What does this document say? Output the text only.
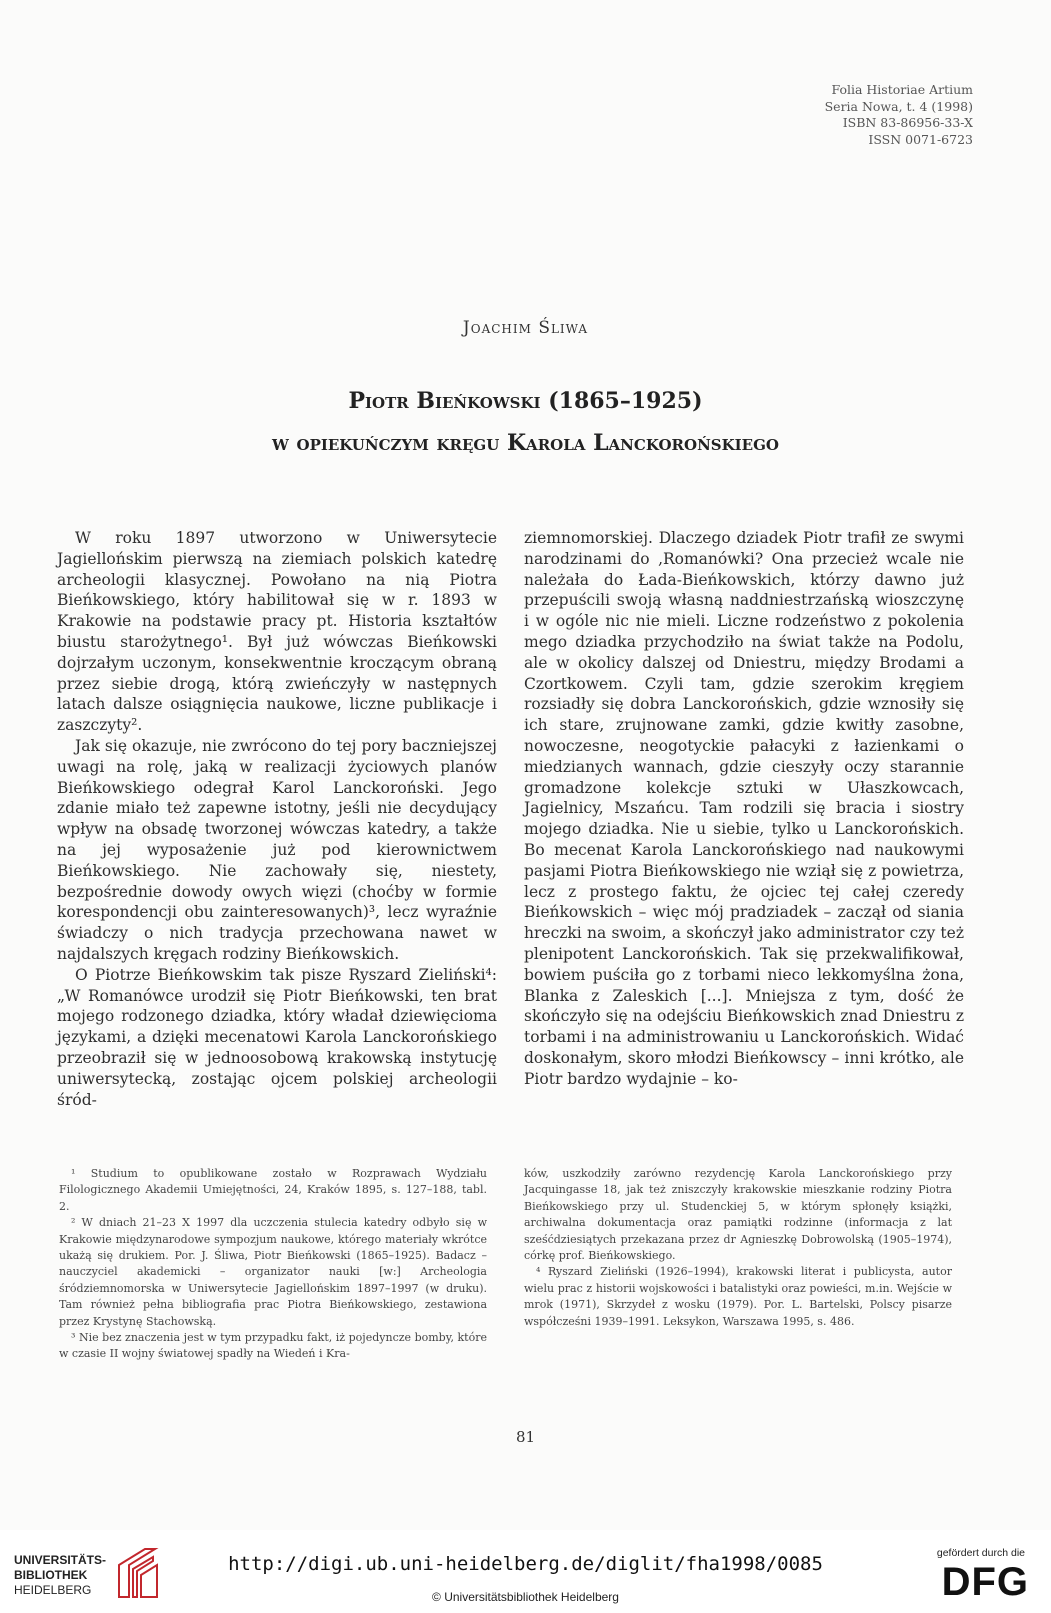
Folia Historiae Artium
Seria Nowa, t. 4 (1998)
ISBN 83-86956-33-X
ISSN 0071-6723
Joachim Śliwa
Piotr Bieńkowski (1865–1925)
w opiekuńczym kręgu Karola Lanckorońskiego

W roku 1897 utworzono w Uniwersytecie Jagiellońskim pierwszą na ziemiach polskich katedrę archeologii klasycznej. Powołano na nią Piotra Bieńkowskiego, który habilitował się w r. 1893 w Krakowie na podstawie pracy pt. Historia kształtów biustu starożytnego¹. Był już wówczas Bieńkowski dojrzałym uczonym, konsekwentnie kroczącym obraną przez siebie drogą, którą zwieńczyły w następnych latach dalsze osiągnięcia naukowe, liczne publikacje i zaszczyty².

Jak się okazuje, nie zwrócono do tej pory baczniejszej uwagi na rolę, jaką w realizacji życiowych planów Bieńkowskiego odegrał Karol Lanckoroński. Jego zdanie miało też zapewne istotny, jeśli nie decydujący wpływ na obsadę tworzonej wówczas katedry, a także na jej wyposażenie już pod kierownictwem Bieńkowskiego. Nie zachowały się, niestety, bezpośrednie dowody owych więzi (choćby w formie korespondencji obu zainteresowanych)³, lecz wyraźnie świadczy o nich tradycja przechowana nawet w najdalszych kręgach rodziny Bieńkowskich.

O Piotrze Bieńkowskim tak pisze Ryszard Zieliński⁴: „W Romanówce urodził się Piotr Bieńkowski, ten brat mojego rodzonego dziadka, który władał dziewięcioma językami, a dzięki mecenatowi Karola Lanckorońskiego przeobraził się w jednoosobową krakowską instytucję uniwersytecką, zostając ojcem polskiej archeologii śród-

ziemnomorskiej. Dlaczego dziadek Piotr trafił ze swymi narodzinami do ‚Romanówki? Ona przecież wcale nie należała do Łada-Bieńkowskich, którzy dawno już przepuścili swoją własną naddniestrzańską wioszczynę i w ogóle nic nie mieli. Liczne rodzeństwo z pokolenia mego dziadka przychodziło na świat także na Podolu, ale w okolicy dalszej od Dniestru, między Brodami a Czortkowem. Czyli tam, gdzie szerokim kręgiem rozsiadły się dobra Lanckorońskich, gdzie wznosiły się ich stare, zrujnowane zamki, gdzie kwitły zasobne, nowoczesne, neogotyckie pałacyki z łazienkami o miedzianych wannach, gdzie cieszyły oczy starannie gromadzone kolekcje sztuki w Ułaszkowcach, Jagielnicy, Mszańcu. Tam rodzili się bracia i siostry mojego dziadka. Nie u siebie, tylko u Lanckorońskich. Bo mecenat Karola Lanckorońskiego nad naukowymi pasjami Piotra Bieńkowskiego nie wziął się z powietrza, lecz z prostego faktu, że ojciec tej całej czeredy Bieńkowskich – więc mój pradziadek – zaczął od siania hreczki na swoim, a skończył jako administrator czy też plenipotent Lanckorońskich. Tak się przekwalifikował, bowiem puściła go z torbami nieco lekkomyślna żona, Blanka z Zaleskich [...]. Mniejsza z tym, dość że skończyło się na odejściu Bieńkowskich znad Dniestru z torbami i na administrowaniu u Lanckorońskich. Widać doskonałym, skoro młodzi Bieńkowscy – inni krótko, ale Piotr bardzo wydajnie – ko-

¹ Studium to opublikowane zostało w Rozprawach Wydziału Filologicznego Akademii Umiejętności, 24, Kraków 1895, s. 127–188, tabl. 2.

² W dniach 21–23 X 1997 dla uczczenia stulecia katedry odbyło się w Krakowie międzynarodowe sympozjum naukowe, którego materiały wkrótce ukażą się drukiem. Por. J. Śliwa, Piotr Bieńkowski (1865–1925). Badacz – nauczyciel akademicki – organizator nauki [w:] Archeologia śródziemnomorska w Uniwersytecie Jagiellońskim 1897–1997 (w druku). Tam również pełna bibliografia prac Piotra Bieńkowskiego, zestawiona przez Krystynę Stachowską.

³ Nie bez znaczenia jest w tym przypadku fakt, iż pojedyncze bomby, które w czasie II wojny światowej spadły na Wiedeń i Kra-

ków, uszkodziły zarówno rezydencję Karola Lanckorońskiego przy Jacquingasse 18, jak też zniszczyły krakowskie mieszkanie rodziny Piotra Bieńkowskiego przy ul. Studenckiej 5, w którym spłonęły książki, archiwalna dokumentacja oraz pamiątki rodzinne (informacja z lat sześćdziesiątych przekazana przez dr Agnieszkę Dobrowolską (1905–1974), córkę prof. Bieńkowskiego.

⁴ Ryszard Zieliński (1926–1994), krakowski literat i publicysta, autor wielu prac z historii wojskowości i batalistyki oraz powieści, m.in. Wejście w mrok (1971), Skrzydeł z wosku (1979). Por. L. Bartelski, Polscy pisarze współcześni 1939–1991. Leksykon, Warszawa 1995, s. 486.

81
UNIVERSITÄTS-
BIBLIOTHEK
HEIDELBERG
http://digi.ub.uni-heidelberg.de/diglit/fha1998/0085
© Universitätsbibliothek Heidelberg
gefördert durch die
DFG
